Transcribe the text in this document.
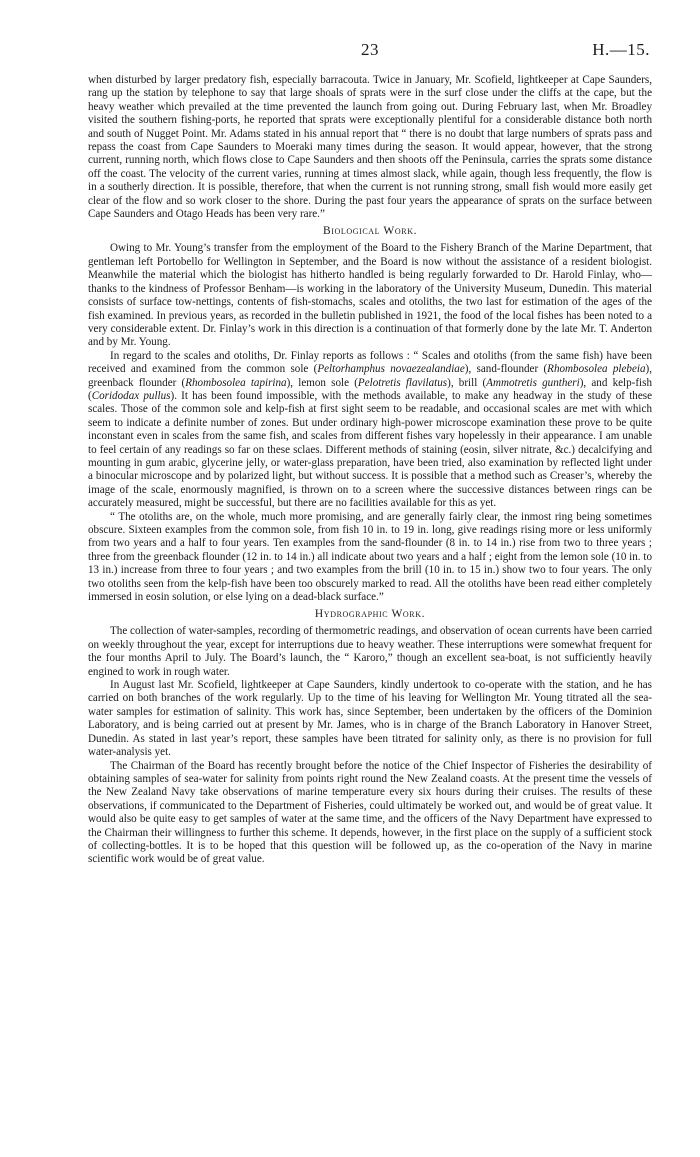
23	H.—15.

when disturbed by larger predatory fish, especially barracouta. Twice in January, Mr. Scofield, lightkeeper at Cape Saunders, rang up the station by telephone to say that large shoals of sprats were in the surf close under the cliffs at the cape, but the heavy weather which prevailed at the time prevented the launch from going out. During February last, when Mr. Broadley visited the southern fishing-ports, he reported that sprats were exceptionally plentiful for a considerable distance both north and south of Nugget Point. Mr. Adams stated in his annual report that “ there is no doubt that large numbers of sprats pass and repass the coast from Cape Saunders to Moeraki many times during the season. It would appear, however, that the strong current, running north, which flows close to Cape Saunders and then shoots off the Peninsula, carries the sprats some distance off the coast. The velocity of the current varies, running at times almost slack, while again, though less frequently, the flow is in a southerly direction. It is possible, therefore, that when the current is not running strong, small fish would more easily get clear of the flow and so work closer to the shore. During the past four years the appearance of sprats on the surface between Cape Saunders and Otago Heads has been very rare.”

Biological Work.

Owing to Mr. Young’s transfer from the employment of the Board to the Fishery Branch of the Marine Department, that gentleman left Portobello for Wellington in September, and the Board is now without the assistance of a resident biologist. Meanwhile the material which the biologist has hitherto handled is being regularly forwarded to Dr. Harold Finlay, who—thanks to the kindness of Professor Benham—is working in the laboratory of the University Museum, Dunedin. This material consists of surface tow-nettings, contents of fish-stomachs, scales and otoliths, the two last for estimation of the ages of the fish examined. In previous years, as recorded in the bulletin published in 1921, the food of the local fishes has been noted to a very considerable extent. Dr. Finlay’s work in this direction is a continuation of that formerly done by the late Mr. T. Anderton and by Mr. Young.

In regard to the scales and otoliths, Dr. Finlay reports as follows : “ Scales and otoliths (from the same fish) have been received and examined from the common sole (Peltorhamphus novaezealandiae), sand-flounder (Rhombosolea plebeia), greenback flounder (Rhombosolea tapirina), lemon sole (Pelotretis flavilatus), brill (Ammotretis guntheri), and kelp-fish (Coridodax pullus). It has been found impossible, with the methods available, to make any headway in the study of these scales. Those of the common sole and kelp-fish at first sight seem to be readable, and occasional scales are met with which seem to indicate a definite number of zones. But under ordinary high-power microscope examination these prove to be quite inconstant even in scales from the same fish, and scales from different fishes vary hopelessly in their appearance. I am unable to feel certain of any readings so far on these sclaes. Different methods of staining (eosin, silver nitrate, &c.) decalcifying and mounting in gum arabic, glycerine jelly, or water-glass preparation, have been tried, also examination by reflected light under a binocular microscope and by polarized light, but without success. It is possible that a method such as Creaser’s, whereby the image of the scale, enormously magnified, is thrown on to a screen where the successive distances between rings can be accurately measured, might be successful, but there are no facilities available for this as yet.

“ The otoliths are, on the whole, much more promising, and are generally fairly clear, the inmost ring being sometimes obscure. Sixteen examples from the common sole, from fish 10 in. to 19 in. long, give readings rising more or less uniformly from two years and a half to four years. Ten examples from the sand-flounder (8 in. to 14 in.) rise from two to three years ; three from the greenback flounder (12 in. to 14 in.) all indicate about two years and a half ; eight from the lemon sole (10 in. to 13 in.) increase from three to four years ; and two examples from the brill (10 in. to 15 in.) show two to four years. The only two otoliths seen from the kelp-fish have been too obscurely marked to read. All the otoliths have been read either completely immersed in eosin solution, or else lying on a dead-black surface.”

Hydrographic Work.

The collection of water-samples, recording of thermometric readings, and observation of ocean currents have been carried on weekly throughout the year, except for interruptions due to heavy weather. These interruptions were somewhat frequent for the four months April to July. The Board’s launch, the “ Karoro,” though an excellent sea-boat, is not sufficiently heavily engined to work in rough water.

In August last Mr. Scofield, lightkeeper at Cape Saunders, kindly undertook to co-operate with the station, and he has carried on both branches of the work regularly. Up to the time of his leaving for Wellington Mr. Young titrated all the sea-water samples for estimation of salinity. This work has, since September, been undertaken by the officers of the Dominion Laboratory, and is being carried out at present by Mr. James, who is in charge of the Branch Laboratory in Hanover Street, Dunedin. As stated in last year’s report, these samples have been titrated for salinity only, as there is no provision for full water-analysis yet.

The Chairman of the Board has recently brought before the notice of the Chief Inspector of Fisheries the desirability of obtaining samples of sea-water for salinity from points right round the New Zealand coasts. At the present time the vessels of the New Zealand Navy take observations of marine temperature every six hours during their cruises. The results of these observations, if communicated to the Department of Fisheries, could ultimately be worked out, and would be of great value. It would also be quite easy to get samples of water at the same time, and the officers of the Navy Department have expressed to the Chairman their willingness to further this scheme. It depends, however, in the first place on the supply of a sufficient stock of collecting-bottles. It is to be hoped that this question will be followed up, as the co-operation of the Navy in marine scientific work would be of great value.
